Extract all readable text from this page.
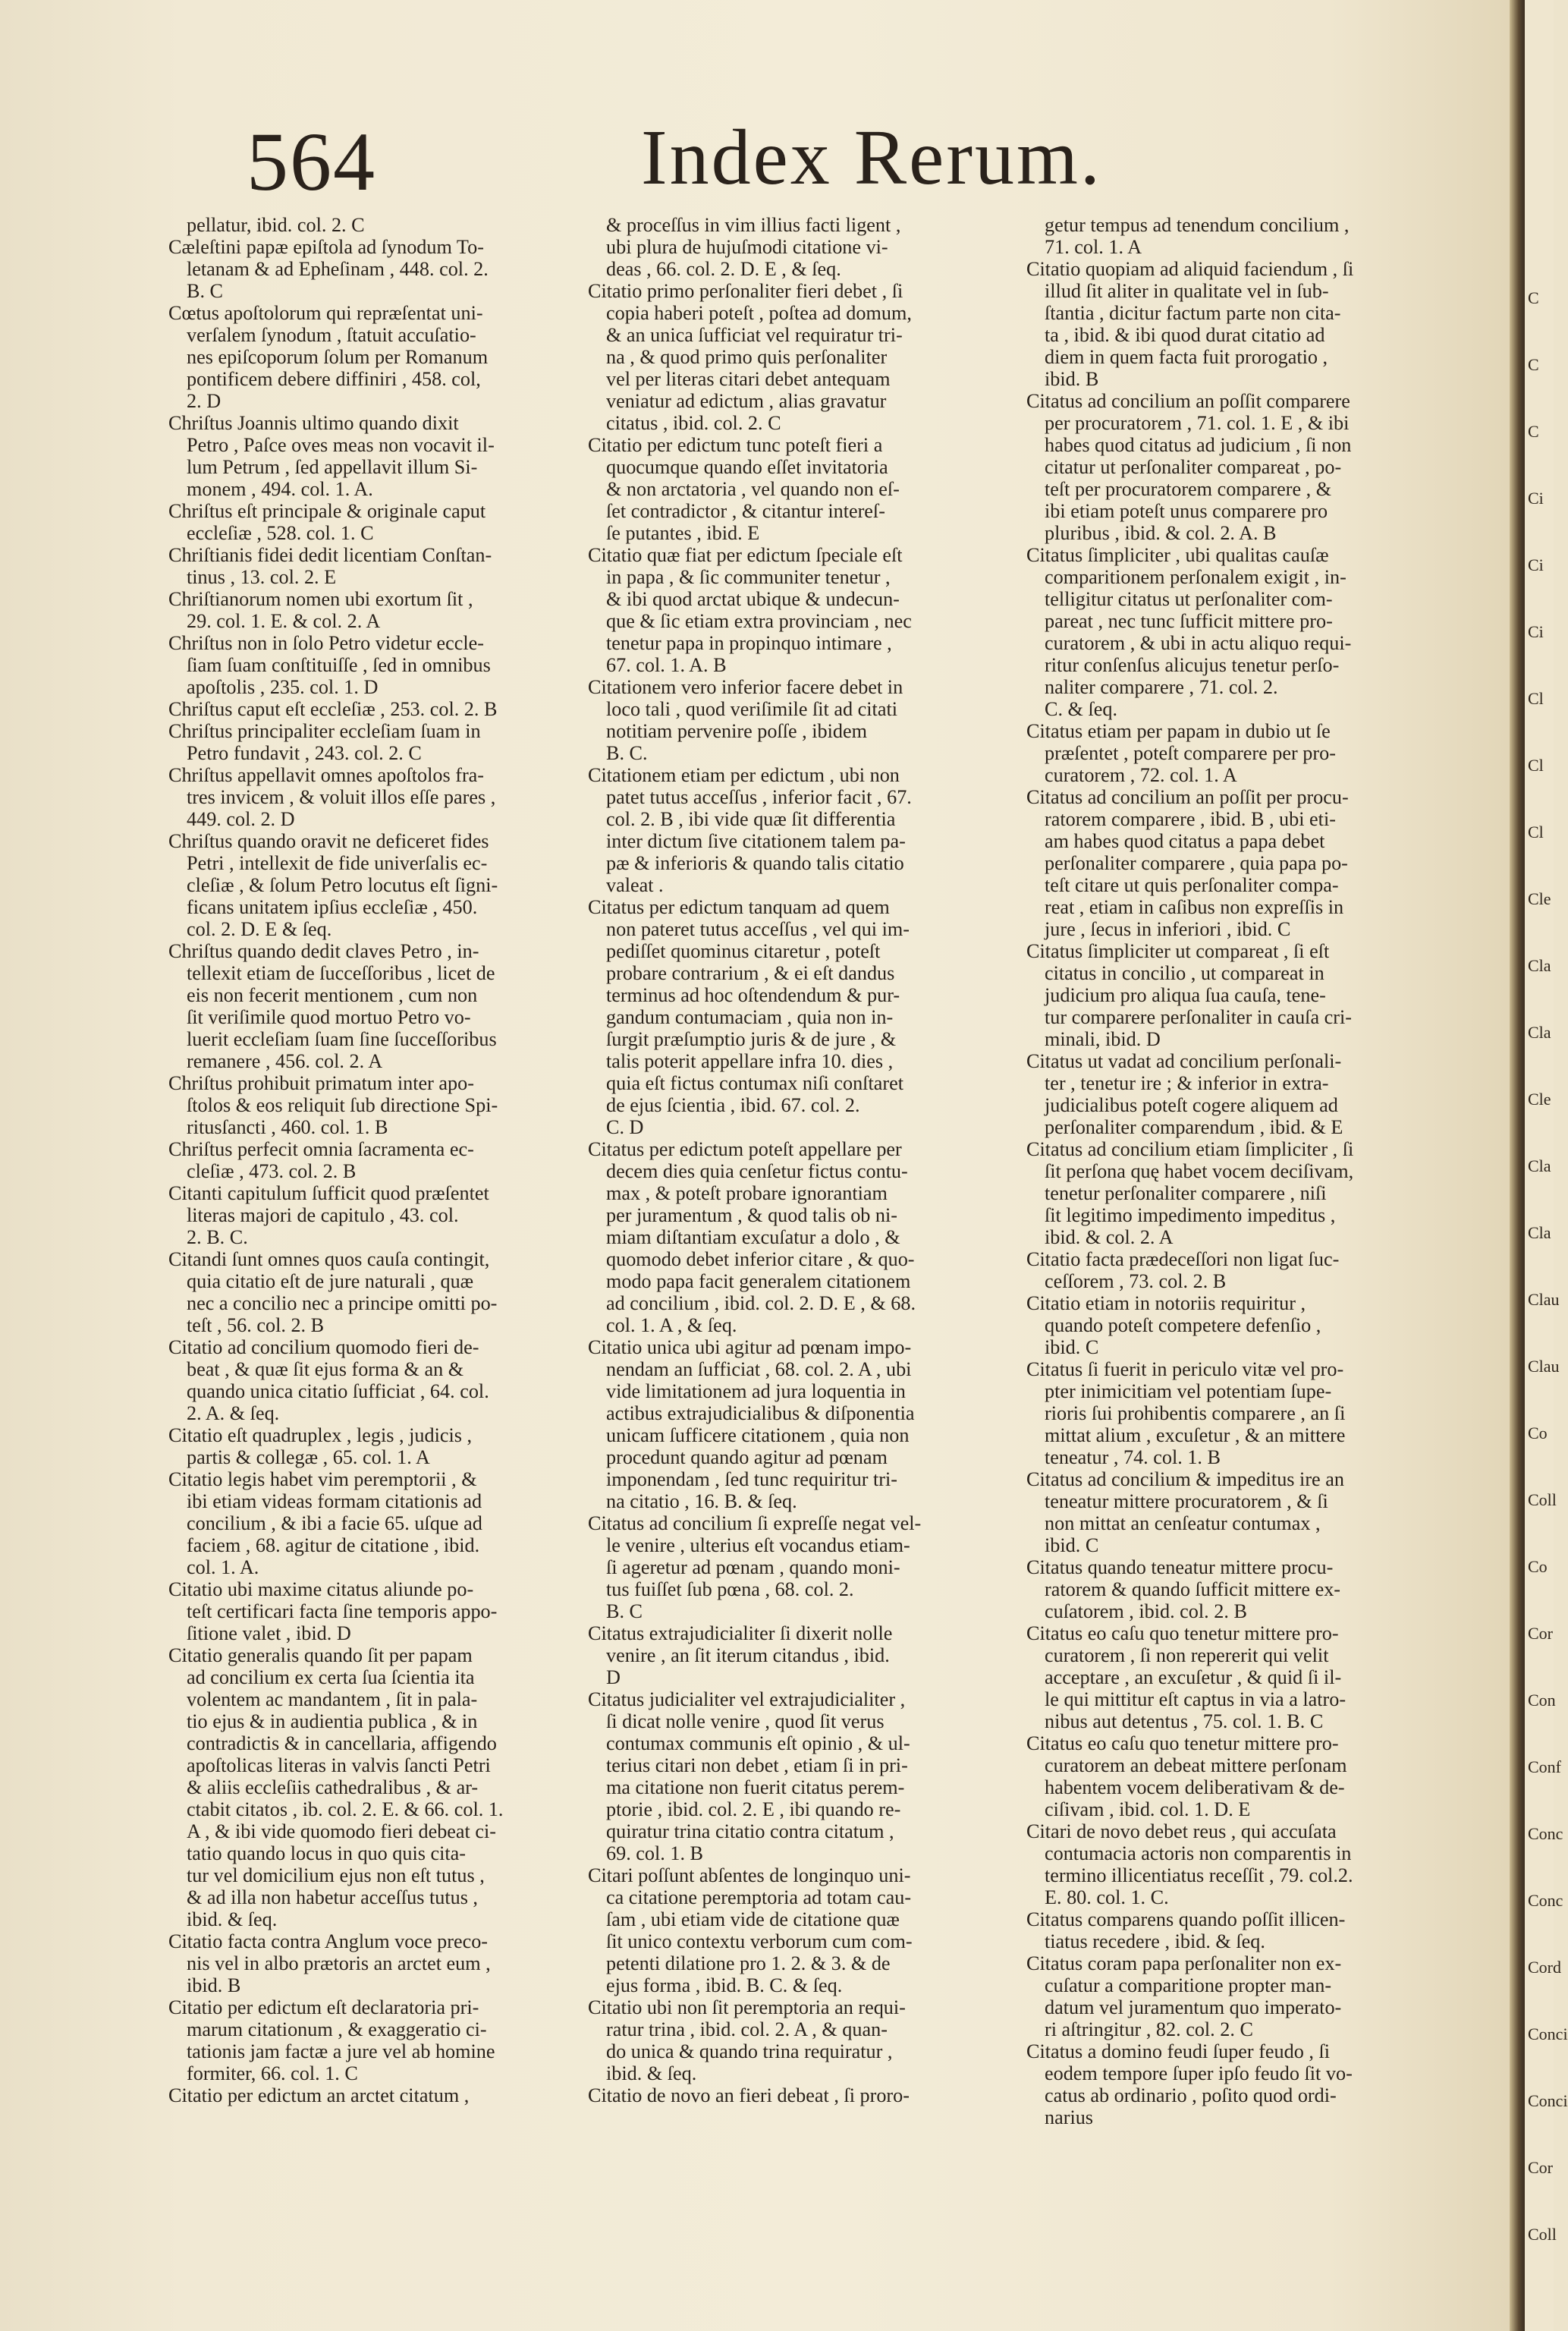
564	Index Rerum.
pellatur, ibid. col. 2. C
Cæleſtini papæ epiſtola ad ſynodum To-
letanam & ad Epheſinam , 448. col. 2.
B. C
Cœtus apoſtolorum qui repræſentat uni-
verſalem ſynodum , ſtatuit accuſatio-
nes epiſcoporum ſolum per Romanum
pontificem debere diffiniri , 458. col,
2. D
Chriſtus Joannis ultimo quando dixit
Petro , Paſce oves meas non vocavit il-
lum Petrum , ſed appellavit illum Si-
monem , 494. col. 1. A.
Chriſtus eſt principale & originale caput
eccleſiæ , 528. col. 1. C
Chriſtianis fidei dedit licentiam Conſtan-
tinus , 13. col. 2. E
Chriſtianorum nomen ubi exortum ſit ,
29. col. 1. E. & col. 2. A
Chriſtus non in ſolo Petro videtur eccle-
ſiam ſuam conſtituiſſe , ſed in omnibus
apoſtolis , 235. col. 1. D
Chriſtus caput eſt eccleſiæ , 253. col. 2. B
Chriſtus principaliter eccleſiam ſuam in
Petro fundavit , 243. col. 2. C
Chriſtus appellavit omnes apoſtolos fra-
tres invicem , & voluit illos eſſe pares ,
449. col. 2. D
Chriſtus quando oravit ne deficeret fides
Petri , intellexit de fide univerſalis ec-
cleſiæ , & ſolum Petro locutus eſt ſigni-
ficans unitatem ipſius eccleſiæ , 450.
col. 2. D. E & ſeq.
Chriſtus quando dedit claves Petro , in-
tellexit etiam de ſucceſſoribus , licet de
eis non fecerit mentionem , cum non
ſit veriſimile quod mortuo Petro vo-
luerit eccleſiam ſuam ſine ſucceſſoribus
remanere , 456. col. 2. A
Chriſtus prohibuit primatum inter apo-
ſtolos & eos reliquit ſub directione Spi-
ritusſancti , 460. col. 1. B
Chriſtus perfecit omnia ſacramenta ec-
cleſiæ , 473. col. 2. B
Citanti capitulum ſufficit quod præſentet
literas majori de capitulo , 43. col.
2. B. C.
Citandi ſunt omnes quos cauſa contingit,
quia citatio eſt de jure naturali , quæ
nec a concilio nec a principe omitti po-
teſt , 56. col. 2. B
Citatio ad concilium quomodo fieri de-
beat , & quæ ſit ejus forma & an &
quando unica citatio ſufficiat , 64. col.
2. A. & ſeq.
Citatio eſt quadruplex , legis , judicis ,
partis & collegæ , 65. col. 1. A
Citatio legis habet vim peremptorii , &
ibi etiam videas formam citationis ad
concilium , & ibi a facie 65. uſque ad
faciem , 68. agitur de citatione , ibid.
col. 1. A.
Citatio ubi maxime citatus aliunde po-
teſt certificari facta ſine temporis appo-
ſitione valet , ibid. D
Citatio generalis quando ſit per papam
ad concilium ex certa ſua ſcientia ita
volentem ac mandantem , ſit in pala-
tio ejus & in audientia publica , & in
contradictis & in cancellaria, affigendo
apoſtolicas literas in valvis ſancti Petri
& aliis eccleſiis cathedralibus , & ar-
ctabit citatos , ib. col. 2. E. & 66. col. 1.
A , & ibi vide quomodo fieri debeat ci-
tatio quando locus in quo quis cita-
tur vel domicilium ejus non eſt tutus ,
& ad illa non habetur acceſſus tutus ,
ibid. & ſeq.
Citatio facta contra Anglum voce preco-
nis vel in albo prætoris an arctet eum ,
ibid. B
Citatio per edictum eſt declaratoria pri-
marum citationum , & exaggeratio ci-
tationis jam factæ a jure vel ab homine
formiter, 66. col. 1. C
Citatio per edictum an arctet citatum ,
& proceſſus in vim illius facti ligent ,
ubi plura de hujuſmodi citatione vi-
deas , 66. col. 2. D. E , & ſeq.
Citatio primo perſonaliter fieri debet , ſi
copia haberi poteſt , poſtea ad domum,
& an unica ſufficiat vel requiratur tri-
na , & quod primo quis perſonaliter
vel per literas citari debet antequam
veniatur ad edictum , alias gravatur
citatus , ibid. col. 2. C
Citatio per edictum tunc poteſt fieri a
quocumque quando eſſet invitatoria
& non arctatoria , vel quando non eſ-
ſet contradictor , & citantur intereſ-
ſe putantes , ibid. E
Citatio quæ fiat per edictum ſpeciale eſt
in papa , & ſic communiter tenetur ,
& ibi quod arctat ubique & undecun-
que & ſic etiam extra provinciam , nec
tenetur papa in propinquo intimare ,
67. col. 1. A. B
Citationem vero inferior facere debet in
loco tali , quod veriſimile ſit ad citati
notitiam pervenire poſſe , ibidem
B. C.
Citationem etiam per edictum , ubi non
patet tutus acceſſus , inferior facit , 67.
col. 2. B , ibi vide quæ ſit differentia
inter dictum ſive citationem talem pa-
pæ & inferioris & quando talis citatio
valeat .
Citatus per edictum tanquam ad quem
non pateret tutus acceſſus , vel qui im-
pediſſet quominus citaretur , poteſt
probare contrarium , & ei eſt dandus
terminus ad hoc oſtendendum & pur-
gandum contumaciam , quia non in-
ſurgit præſumptio juris & de jure , &
talis poterit appellare infra 10. dies ,
quia eſt fictus contumax niſi conſtaret
de ejus ſcientia , ibid. 67. col. 2.
C. D
Citatus per edictum poteſt appellare per
decem dies quia cenſetur fictus contu-
max , & poteſt probare ignorantiam
per juramentum , & quod talis ob ni-
miam diſtantiam excuſatur a dolo , &
quomodo debet inferior citare , & quo-
modo papa facit generalem citationem
ad concilium , ibid. col. 2. D. E , & 68.
col. 1. A , & ſeq.
Citatio unica ubi agitur ad pœnam impo-
nendam an ſufficiat , 68. col. 2. A , ubi
vide limitationem ad jura loquentia in
actibus extrajudicialibus & diſponentia
unicam ſufficere citationem , quia non
procedunt quando agitur ad pœnam
imponendam , ſed tunc requiritur tri-
na citatio , 16. B. & ſeq.
Citatus ad concilium ſi expreſſe negat vel-
le venire , ulterius eſt vocandus etiam-
ſi ageretur ad pœnam , quando moni-
tus fuiſſet ſub pœna , 68. col. 2.
B. C
Citatus extrajudicialiter ſi dixerit nolle
venire , an ſit iterum citandus , ibid.
D
Citatus judicialiter vel extrajudicialiter ,
ſi dicat nolle venire , quod ſit verus
contumax communis eſt opinio , & ul-
terius citari non debet , etiam ſi in pri-
ma citatione non fuerit citatus perem-
ptorie , ibid. col. 2. E , ibi quando re-
quiratur trina citatio contra citatum ,
69. col. 1. B
Citari poſſunt abſentes de longinquo uni-
ca citatione peremptoria ad totam cau-
ſam , ubi etiam vide de citatione quæ
ſit unico contextu verborum cum com-
petenti dilatione pro 1. 2. & 3. & de
ejus forma , ibid. B. C. & ſeq.
Citatio ubi non ſit peremptoria an requi-
ratur trina , ibid. col. 2. A , & quan-
do unica & quando trina requiratur ,
ibid. & ſeq.
Citatio de novo an fieri debeat , ſi proro-
getur tempus ad tenendum concilium ,
71. col. 1. A
Citatio quopiam ad aliquid faciendum , ſi
illud ſit aliter in qualitate vel in ſub-
ſtantia , dicitur factum parte non cita-
ta , ibid. & ibi quod durat citatio ad
diem in quem facta fuit prorogatio ,
ibid. B
Citatus ad concilium an poſſit comparere
per procuratorem , 71. col. 1. E , & ibi
habes quod citatus ad judicium , ſi non
citatur ut perſonaliter compareat , po-
teſt per procuratorem comparere , &
ibi etiam poteſt unus comparere pro
pluribus , ibid. & col. 2. A. B
Citatus ſimpliciter , ubi qualitas cauſæ
comparitionem perſonalem exigit , in-
telligitur citatus ut perſonaliter com-
pareat , nec tunc ſufficit mittere pro-
curatorem , & ubi in actu aliquo requi-
ritur conſenſus alicujus tenetur perſo-
naliter comparere , 71. col. 2.
C. & ſeq.
Citatus etiam per papam in dubio ut ſe
præſentet , poteſt comparere per pro-
curatorem , 72. col. 1. A
Citatus ad concilium an poſſit per procu-
ratorem comparere , ibid. B , ubi eti-
am habes quod citatus a papa debet
perſonaliter comparere , quia papa po-
teſt citare ut quis perſonaliter compa-
reat , etiam in caſibus non expreſſis in
jure , ſecus in inferiori , ibid. C
Citatus ſimpliciter ut compareat , ſi eſt
citatus in concilio , ut compareat in
judicium pro aliqua ſua cauſa, tene-
tur comparere perſonaliter in cauſa cri-
minali, ibid. D
Citatus ut vadat ad concilium perſonali-
ter , tenetur ire ; & inferior in extra-
judicialibus poteſt cogere aliquem ad
perſonaliter comparendum , ibid. & E
Citatus ad concilium etiam ſimpliciter , ſi
ſit perſona quę habet vocem deciſivam,
tenetur perſonaliter comparere , niſi
ſit legitimo impedimento impeditus ,
ibid. & col. 2. A
Citatio facta prædeceſſori non ligat ſuc-
ceſſorem , 73. col. 2. B
Citatio etiam in notoriis requiritur ,
quando poteſt competere defenſio ,
ibid. C
Citatus ſi fuerit in periculo vitæ vel pro-
pter inimicitiam vel potentiam ſupe-
rioris ſui prohibentis comparere , an ſi
mittat alium , excuſetur , & an mittere
teneatur , 74. col. 1. B
Citatus ad concilium & impeditus ire an
teneatur mittere procuratorem , & ſi
non mittat an cenſeatur contumax ,
ibid. C
Citatus quando teneatur mittere procu-
ratorem & quando ſufficit mittere ex-
cuſatorem , ibid. col. 2. B
Citatus eo caſu quo tenetur mittere pro-
curatorem , ſi non repererit qui velit
acceptare , an excuſetur , & quid ſi il-
le qui mittitur eſt captus in via a latro-
nibus aut detentus , 75. col. 1. B. C
Citatus eo caſu quo tenetur mittere pro-
curatorem an debeat mittere perſonam
habentem vocem deliberativam & de-
ciſivam , ibid. col. 1. D. E
Citari de novo debet reus , qui accuſata
contumacia actoris non comparentis in
termino illicentiatus receſſit , 79. col.2.
E. 80. col. 1. C.
Citatus comparens quando poſſit illicen-
tiatus recedere , ibid. & ſeq.
Citatus coram papa perſonaliter non ex-
cuſatur a comparitione propter man-
datum vel juramentum quo imperato-
ri aſtringitur , 82. col. 2. C
Citatus a domino feudi ſuper feudo , ſi
eodem tempore ſuper ipſo feudo ſit vo-
catus ab ordinario , poſito quod ordi-
narius
C
C
C
Ci
Ci
Ci
Cl
Cl
Cl
Cle
Cla
Cla
Cle
Cla
Cla
Clau
Clau
Co
Coll
Co
Cor
Con
Conf
Conc
Conc
Cord
Conci
Conci
Cor
Coll
